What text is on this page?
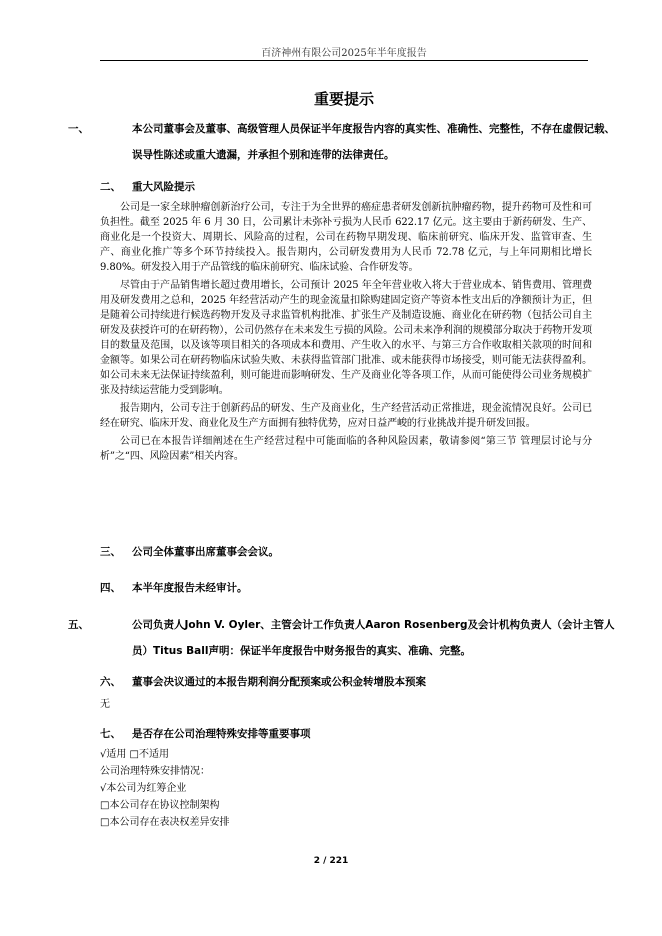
百济神州有限公司2025年半年度报告
重要提示
一、	本公司董事会及董事、高级管理人员保证半年度报告内容的真实性、准确性、完整性，不存在虚假记载、误导性陈述或重大遗漏，并承担个别和连带的法律责任。
二、 重大风险提示

公司是一家全球肿瘤创新治疗公司，专注于为全世界的癌症患者研发创新抗肿瘤药物，提升药物可及性和可负担性。截至 2025 年 6 月 30 日，公司累计未弥补亏损为人民币 622.17 亿元。这主要由于新药研发、生产、商业化是一个投资大、周期长、风险高的过程，公司在药物早期发现、临床前研究、临床开发、监管审查、生产、商业化推广等多个环节持续投入。报告期内，公司研发费用为人民币 72.78 亿元，与上年同期相比增长 9.80%。研发投入用于产品管线的临床前研究、临床试验、合作研发等。

尽管由于产品销售增长超过费用增长，公司预计 2025 年全年营业收入将大于营业成本、销售费用、管理费用及研发费用之总和，2025 年经营活动产生的现金流量扣除购建固定资产等资本性支出后的净额预计为正，但是随着公司持续进行候选药物开发及寻求监管机构批准、扩张生产及制造设施、商业化在研药物（包括公司自主研发及获授许可的在研药物），公司仍然存在未来发生亏损的风险。公司未来净利润的规模部分取决于药物开发项目的数量及范围，以及该等项目相关的各项成本和费用、产生收入的水平、与第三方合作收取相关款项的时间和金额等。如果公司在研药物临床试验失败、未获得监管部门批准、或未能获得市场接受，则可能无法获得盈利。如公司未来无法保证持续盈利，则可能进而影响研发、生产及商业化等各项工作，从而可能使得公司业务规模扩张及持续运营能力受到影响。

报告期内，公司专注于创新药品的研发、生产及商业化，生产经营活动正常推进，现金流情况良好。公司已经在研究、临床开发、商业化及生产方面拥有独特优势，应对日益严峻的行业挑战并提升研发回报。

公司已在本报告详细阐述在生产经营过程中可能面临的各种风险因素，敬请参阅“第三节 管理层讨论与分析”之“四、风险因素”相关内容。

三、 公司全体董事出席董事会会议。
四、 本半年度报告未经审计。
五、	公司负责人John V. Oyler、主管会计工作负责人Aaron Rosenberg及会计机构负责人（会计主管人员）Titus Ball声明：保证半年度报告中财务报告的真实、准确、完整。
六、 董事会决议通过的本报告期利润分配预案或公积金转增股本预案
无
七、 是否存在公司治理特殊安排等重要事项
√适用 □不适用
公司治理特殊安排情况：
√本公司为红筹企业
□本公司存在协议控制架构
□本公司存在表决权差异安排
2 / 221
